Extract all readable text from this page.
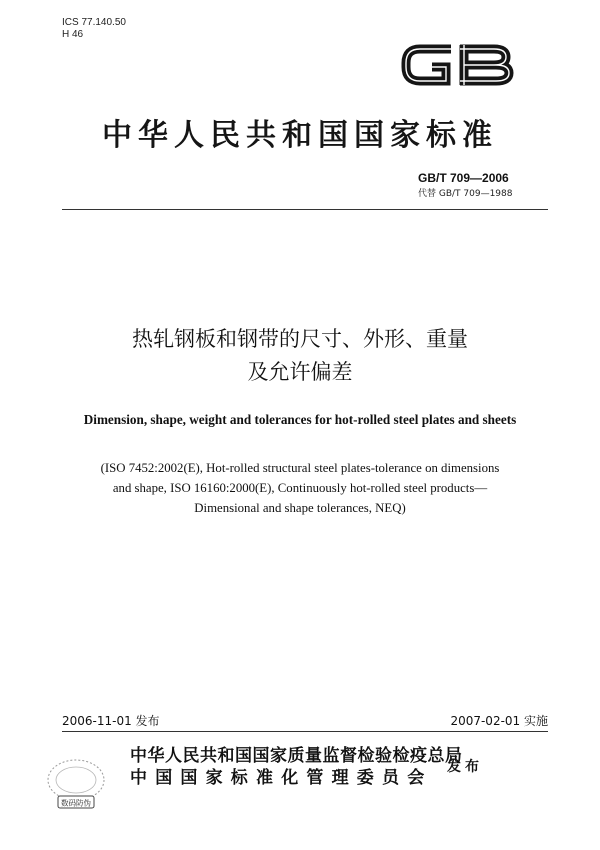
ICS 77.140.50
H 46
中华人民共和国国家标准
GB/T 709—2006
代替 GB/T 709—1988
热轧钢板和钢带的尺寸、外形、重量
及允许偏差
Dimension, shape, weight and tolerances for hot-rolled steel plates and sheets
(ISO 7452:2002(E), Hot-rolled structural steel plates-tolerance on dimensions
and shape, ISO 16160:2000(E), Continuously hot-rolled steel products—
Dimensional and shape tolerances, NEQ)
2006-11-01 发布	2007-02-01 实施
数码防伪
中华人民共和国国家质量监督检验检疫总局
中国国家标准化管理委员会
发布
